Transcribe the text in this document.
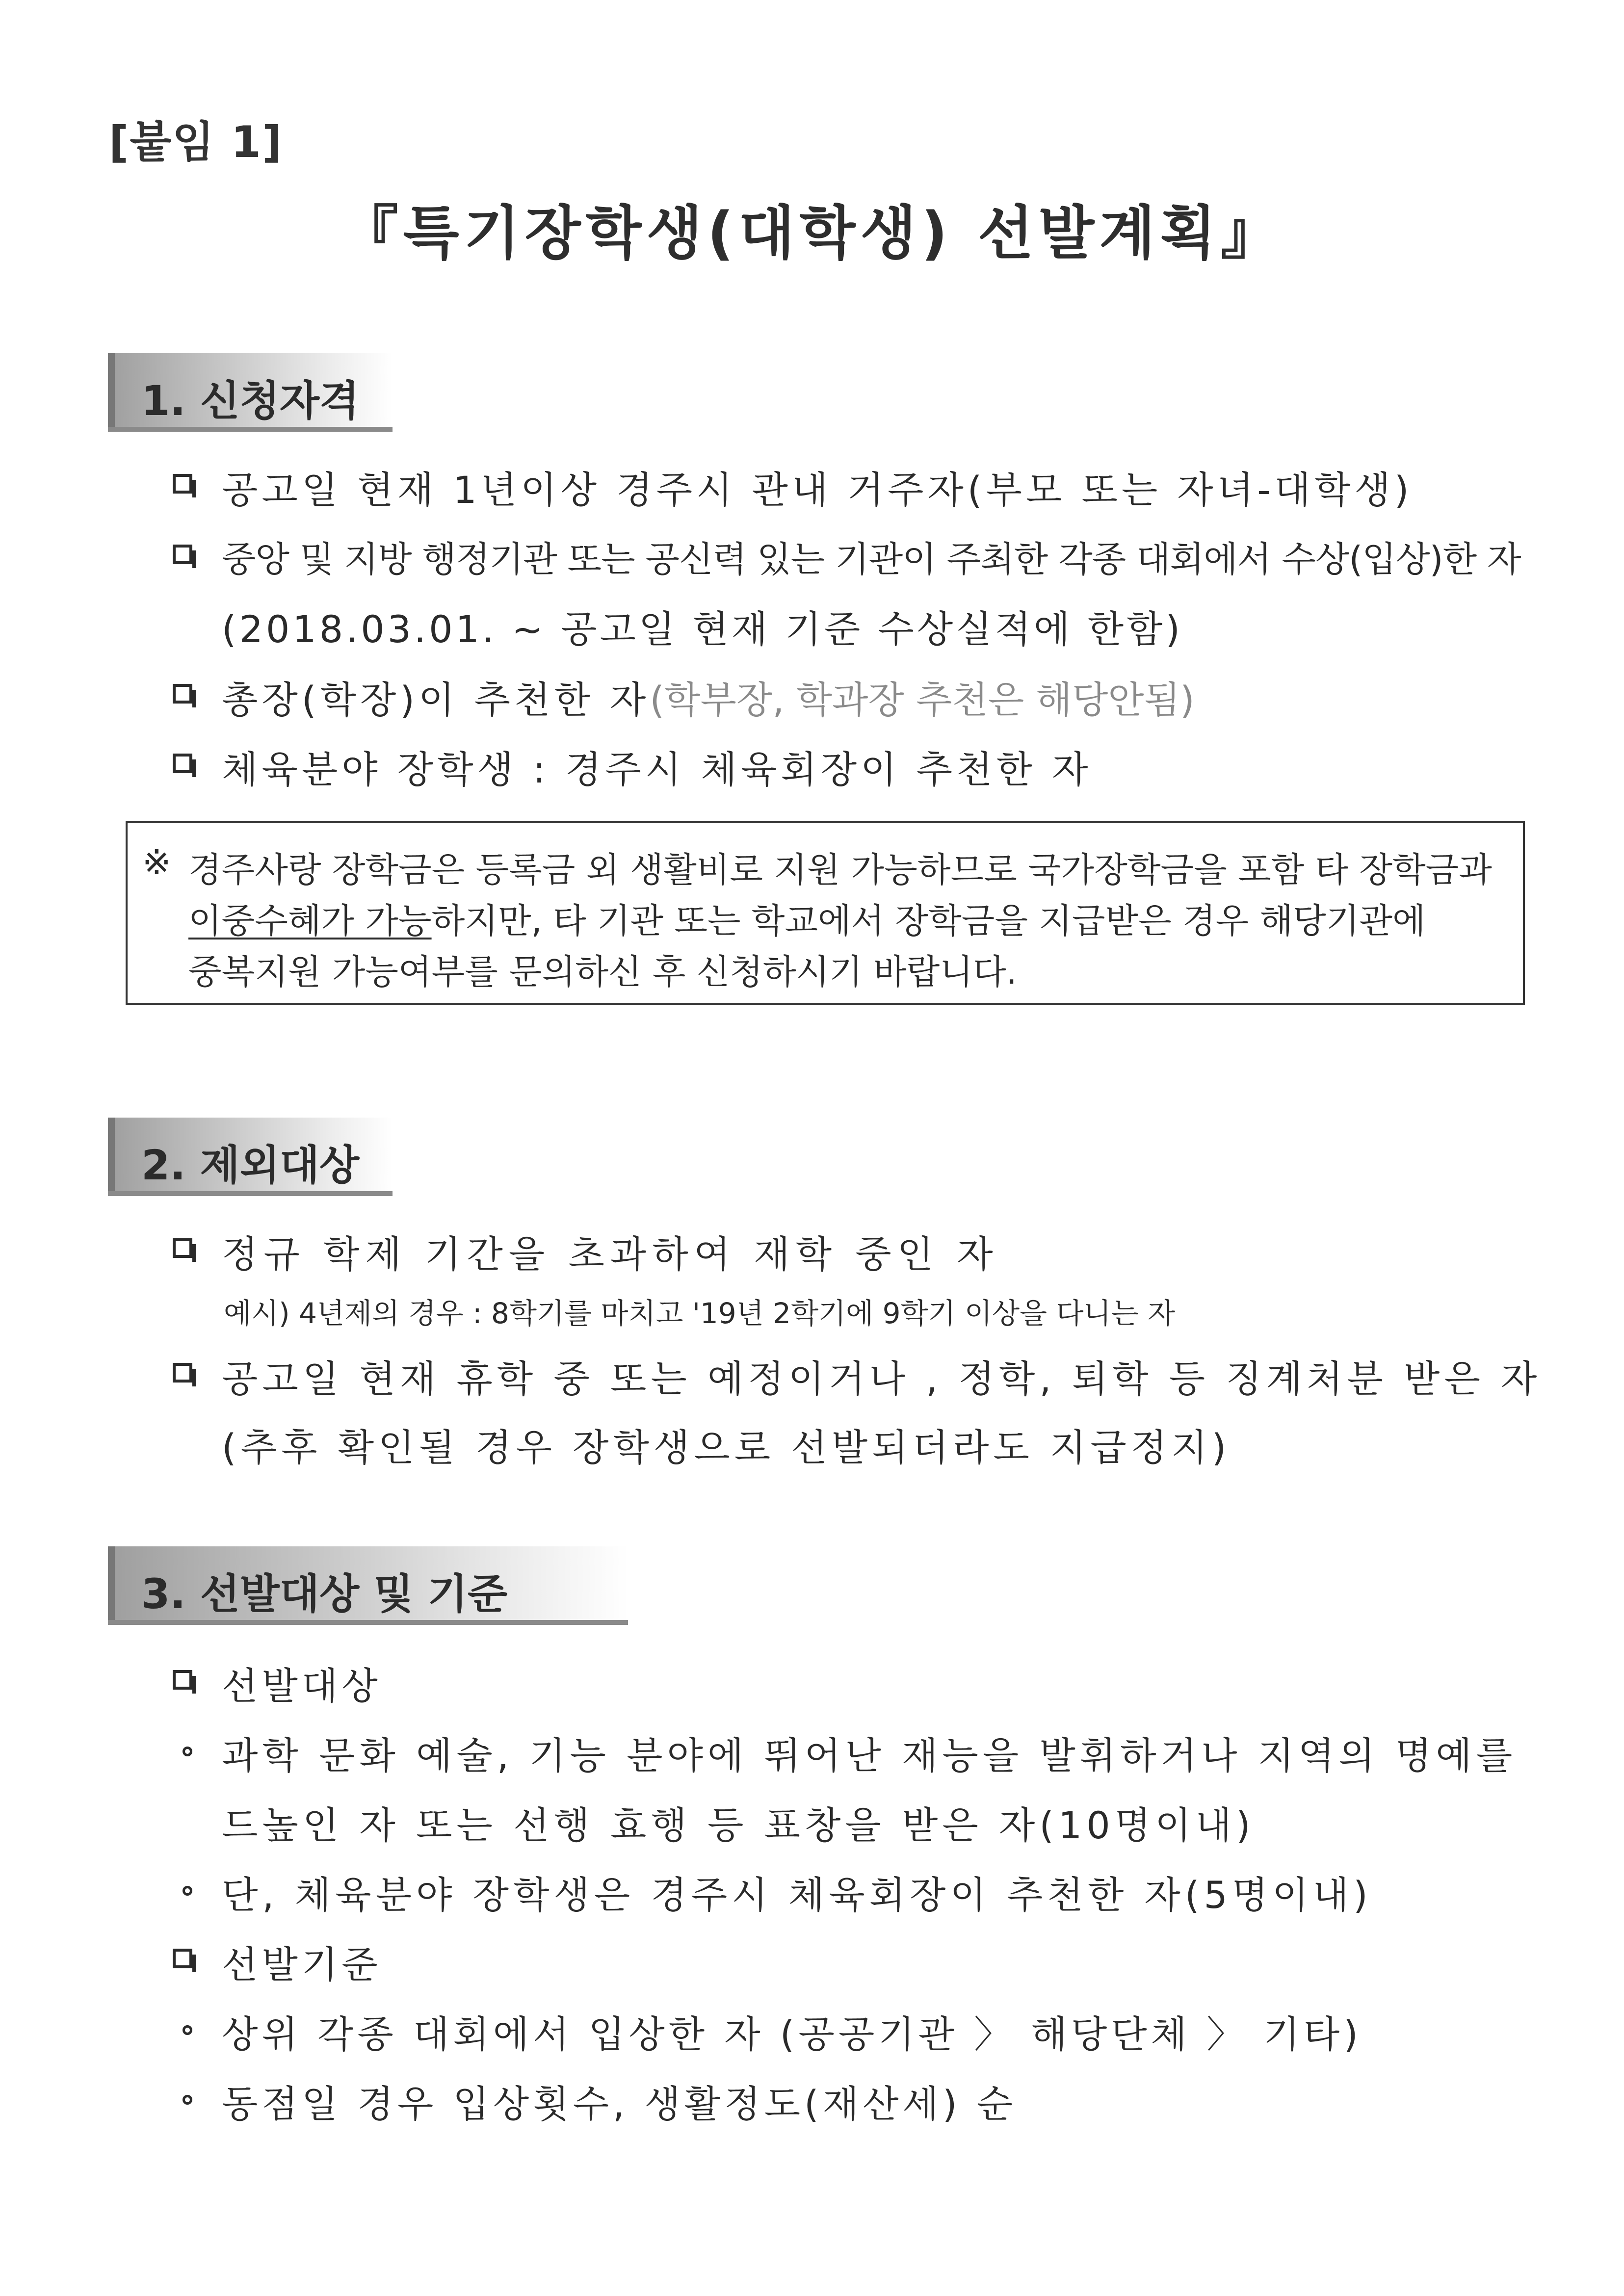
[붙임 1]
『특기장학생(대학생) 선발계획』
1. 신청자격
공고일 현재 1년이상 경주시 관내 거주자(부모 또는 자녀-대학생)
중앙 및 지방 행정기관 또는 공신력 있는 기관이 주최한 각종 대회에서 수상(입상)한 자
(2018.03.01. ~ 공고일 현재 기준 수상실적에 한함)
총장(학장)이 추천한 자(학부장, 학과장 추천은 해당안됨)
체육분야 장학생 : 경주시 체육회장이 추천한 자
※ 경주사랑 장학금은 등록금 외 생활비로 지원 가능하므로 국가장학금을 포함 타 장학금과
이중수혜가 가능하지만, 타 기관 또는 학교에서 장학금을 지급받은 경우 해당기관에
중복지원 가능여부를 문의하신 후 신청하시기 바랍니다.
2. 제외대상
정규 학제 기간을 초과하여 재학 중인 자
예시) 4년제의 경우 : 8학기를 마치고 '19년 2학기에 9학기 이상을 다니는 자
공고일 현재 휴학 중 또는 예정이거나 , 정학, 퇴학 등 징계처분 받은 자
(추후 확인될 경우 장학생으로 선발되더라도 지급정지)
3. 선발대상 및 기준
선발대상
과학 문화 예술, 기능 분야에 뛰어난 재능을 발휘하거나 지역의 명예를
드높인 자 또는 선행 효행 등 표창을 받은 자(10명이내)
단, 체육분야 장학생은 경주시 체육회장이 추천한 자(5명이내)
선발기준
상위 각종 대회에서 입상한 자 (공공기관 〉 해당단체 〉 기타)
동점일 경우 입상횟수, 생활정도(재산세) 순
